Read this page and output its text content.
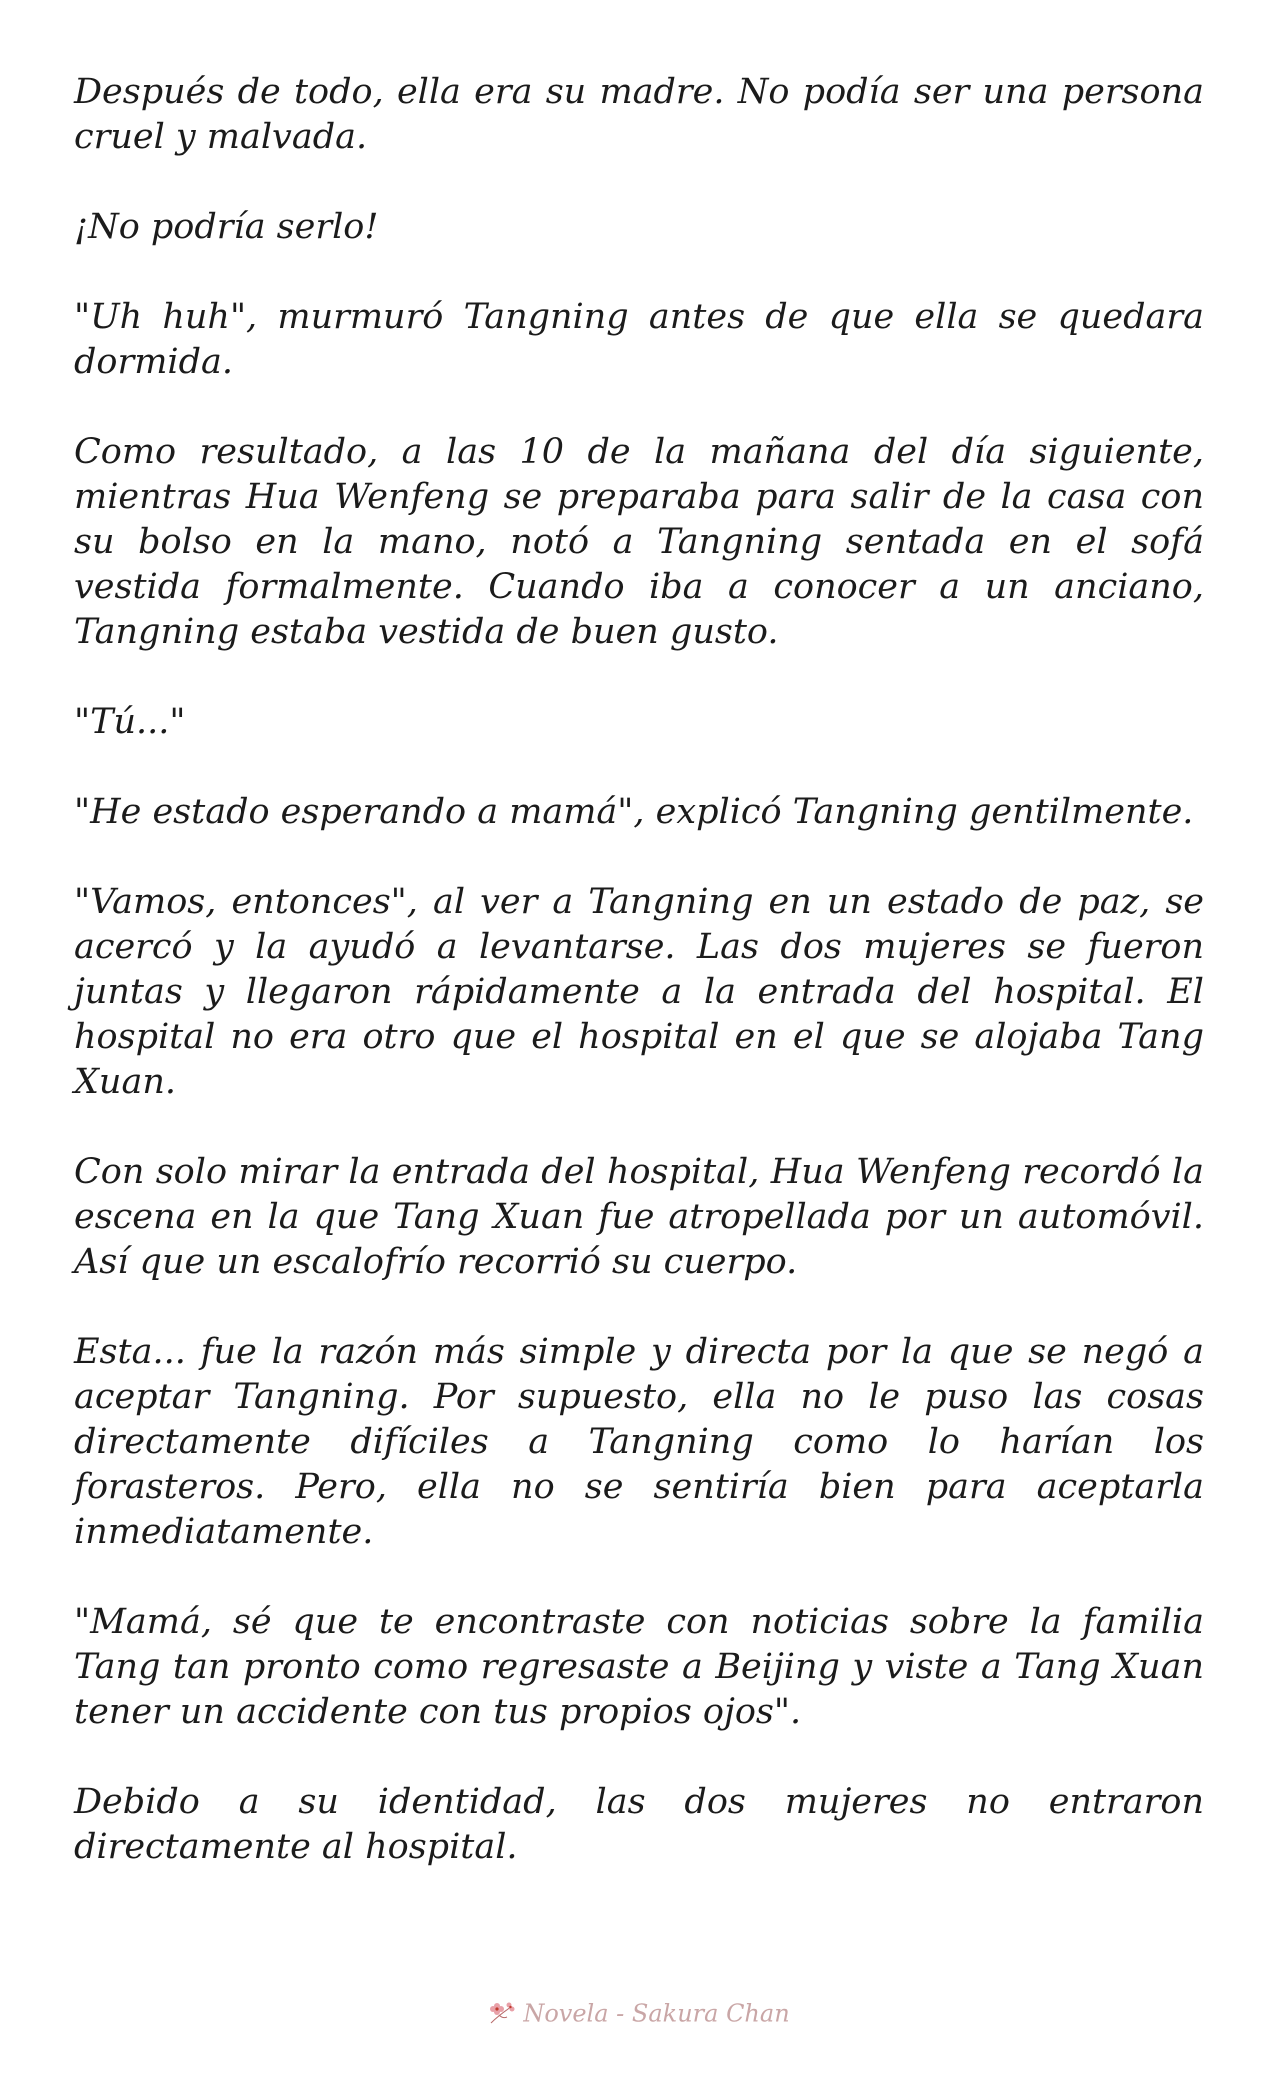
Después de todo, ella era su madre. No podía ser una persona cruel y malvada.

¡No podría serlo!

"Uh huh", murmuró Tangning antes de que ella se quedara dormida.

Como resultado, a las 10 de la mañana del día siguiente, mientras Hua Wenfeng se preparaba para salir de la casa con su bolso en la mano, notó a Tangning sentada en el sofá vestida formalmente. Cuando iba a conocer a un anciano, Tangning estaba vestida de buen gusto.

"Tú..."

"He estado esperando a mamá", explicó Tangning gentilmente.

"Vamos, entonces", al ver a Tangning en un estado de paz, se acercó y la ayudó a levantarse. Las dos mujeres se fueron juntas y llegaron rápidamente a la entrada del hospital. El hospital no era otro que el hospital en el que se alojaba Tang Xuan.

Con solo mirar la entrada del hospital, Hua Wenfeng recordó la escena en la que Tang Xuan fue atropellada por un automóvil. Así que un escalofrío recorrió su cuerpo.

Esta... fue la razón más simple y directa por la que se negó a aceptar Tangning. Por supuesto, ella no le puso las cosas directamente difíciles a Tangning como lo harían los forasteros. Pero, ella no se sentiría bien para aceptarla inmediatamente.

"Mamá, sé que te encontraste con noticias sobre la familia Tang tan pronto como regresaste a Beijing y viste a Tang Xuan tener un accidente con tus propios ojos".

Debido a su identidad, las dos mujeres no entraron directamente al hospital.

Novela - Sakura Chan
